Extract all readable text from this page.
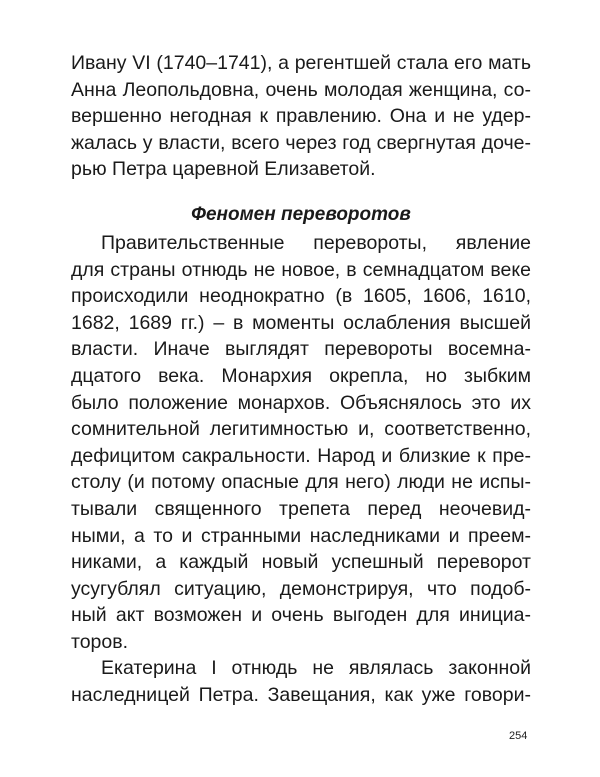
Ивану VI (1740–1741), а регентшей стала его мать
Анна Леопольдовна, очень молодая женщина, со-
вершенно негодная к правлению. Она и не удер-
жалась у власти, всего через год свергнутая доче-
рью Петра царевной Елизаветой.
Феномен переворотов
Правительственные перевороты, явление
для страны отнюдь не новое, в семнадцатом веке
происходили неоднократно (в 1605, 1606, 1610,
1682, 1689 гг.) – в моменты ослабления высшей
власти. Иначе выглядят перевороты восемна-
дцатого века. Монархия окрепла, но зыбким
было положение монархов. Объяснялось это их
сомнительной легитимностью и, соответственно,
дефицитом сакральности. Народ и близкие к пре-
столу (и потому опасные для него) люди не испы-
тывали священного трепета перед неочевид-
ными, а то и странными наследниками и преем-
никами, а каждый новый успешный переворот
усугублял ситуацию, демонстрируя, что подоб-
ный акт возможен и очень выгоден для инициа-
торов.
Екатерина I отнюдь не являлась законной
наследницей Петра. Завещания, как уже говори-
254
